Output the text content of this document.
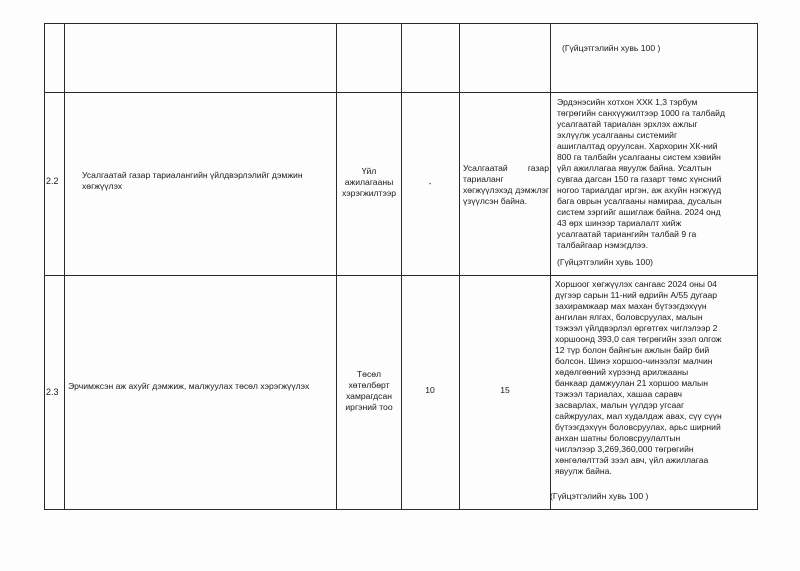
(Гүйцэтгэлийн хувь 100 )
2.2
Усалгаатай газар тариалангийн үйлдвэрлэлийг дэмжин хөгжүүлэх
Үйл ажилагааны хэрэгжилтээр
-
Усалгаатай газар тариаланг хөгжүүлэхэд дэмжлэг үзүүлсэн байна.
Эрдэнэсийн хотхон ХХК 1,3 тэрбум
төгрөгийн санхүүжилтээр 1000 га талбайд
усалгаатай тариалан эрхлэх ажлыг
эхлүүлж усалгааны системийг
ашиглалтад оруулсан. Хархорин ХК-ний
800 га талбайн усалгааны систем хэвийн
үйл ажиллагаа явуулж байна. Усалтын
сувгаа дагсан 150 га газарт төмс хүнсний
ногоо тариалдаг иргэн, аж ахуйн нэгжүүд
бага оврын усалгааны намираа, дусалын
систем зэргийг ашиглаж байна. 2024 онд
43 өрх шинээр тариалалт хийж
усалгаатай тариангийн талбай 9 га
талбайгаар нэмэгдлээ.
(Гүйцэтгэлийн хувь 100)
2.3
Эрчимжсэн аж ахуйг дэмжиж, малжуулах төсөл хэрэгжүүлэх
Төсөл хөтөлбөрт хамрагдсан иргэний тоо
10	15
Хоршоог хөгжүүлэх сангаас 2024 оны 04
дүгээр сарын 11-ний өдрийн А/55 дугаар
захирамжаар мах махан бүтээгдэхүүн
ангилан ялгах, боловсруулах, малын
тэжээл үйлдвэрлэл өргөтгөх чиглэлээр 2
хоршоонд 393,0 сая төгрөгийн зээл олгож
12 түр болон байнгын ажлын байр бий
болсон. Шинэ хоршоо-чинээлэг малчин
хөдөлгөөний хүрээнд арилжааны
банкаар дамжуулан 21 хоршоо малын
тэжээл тариалах, хашаа саравч
засварлах, малын үүлдэр угсааг
сайжруулах, мал худалдаж авах, сүү сүүн
бүтээгдэхүүн боловсруулах, арьс ширний
анхан шатны боловсруулалтын
чиглэлээр 3,269,360,000 төгрөгийн
хөнгөлөлттэй зээл авч, үйл ажиллагаа
явуулж байна.
(Гүйцэтгэлийн хувь 100 )
